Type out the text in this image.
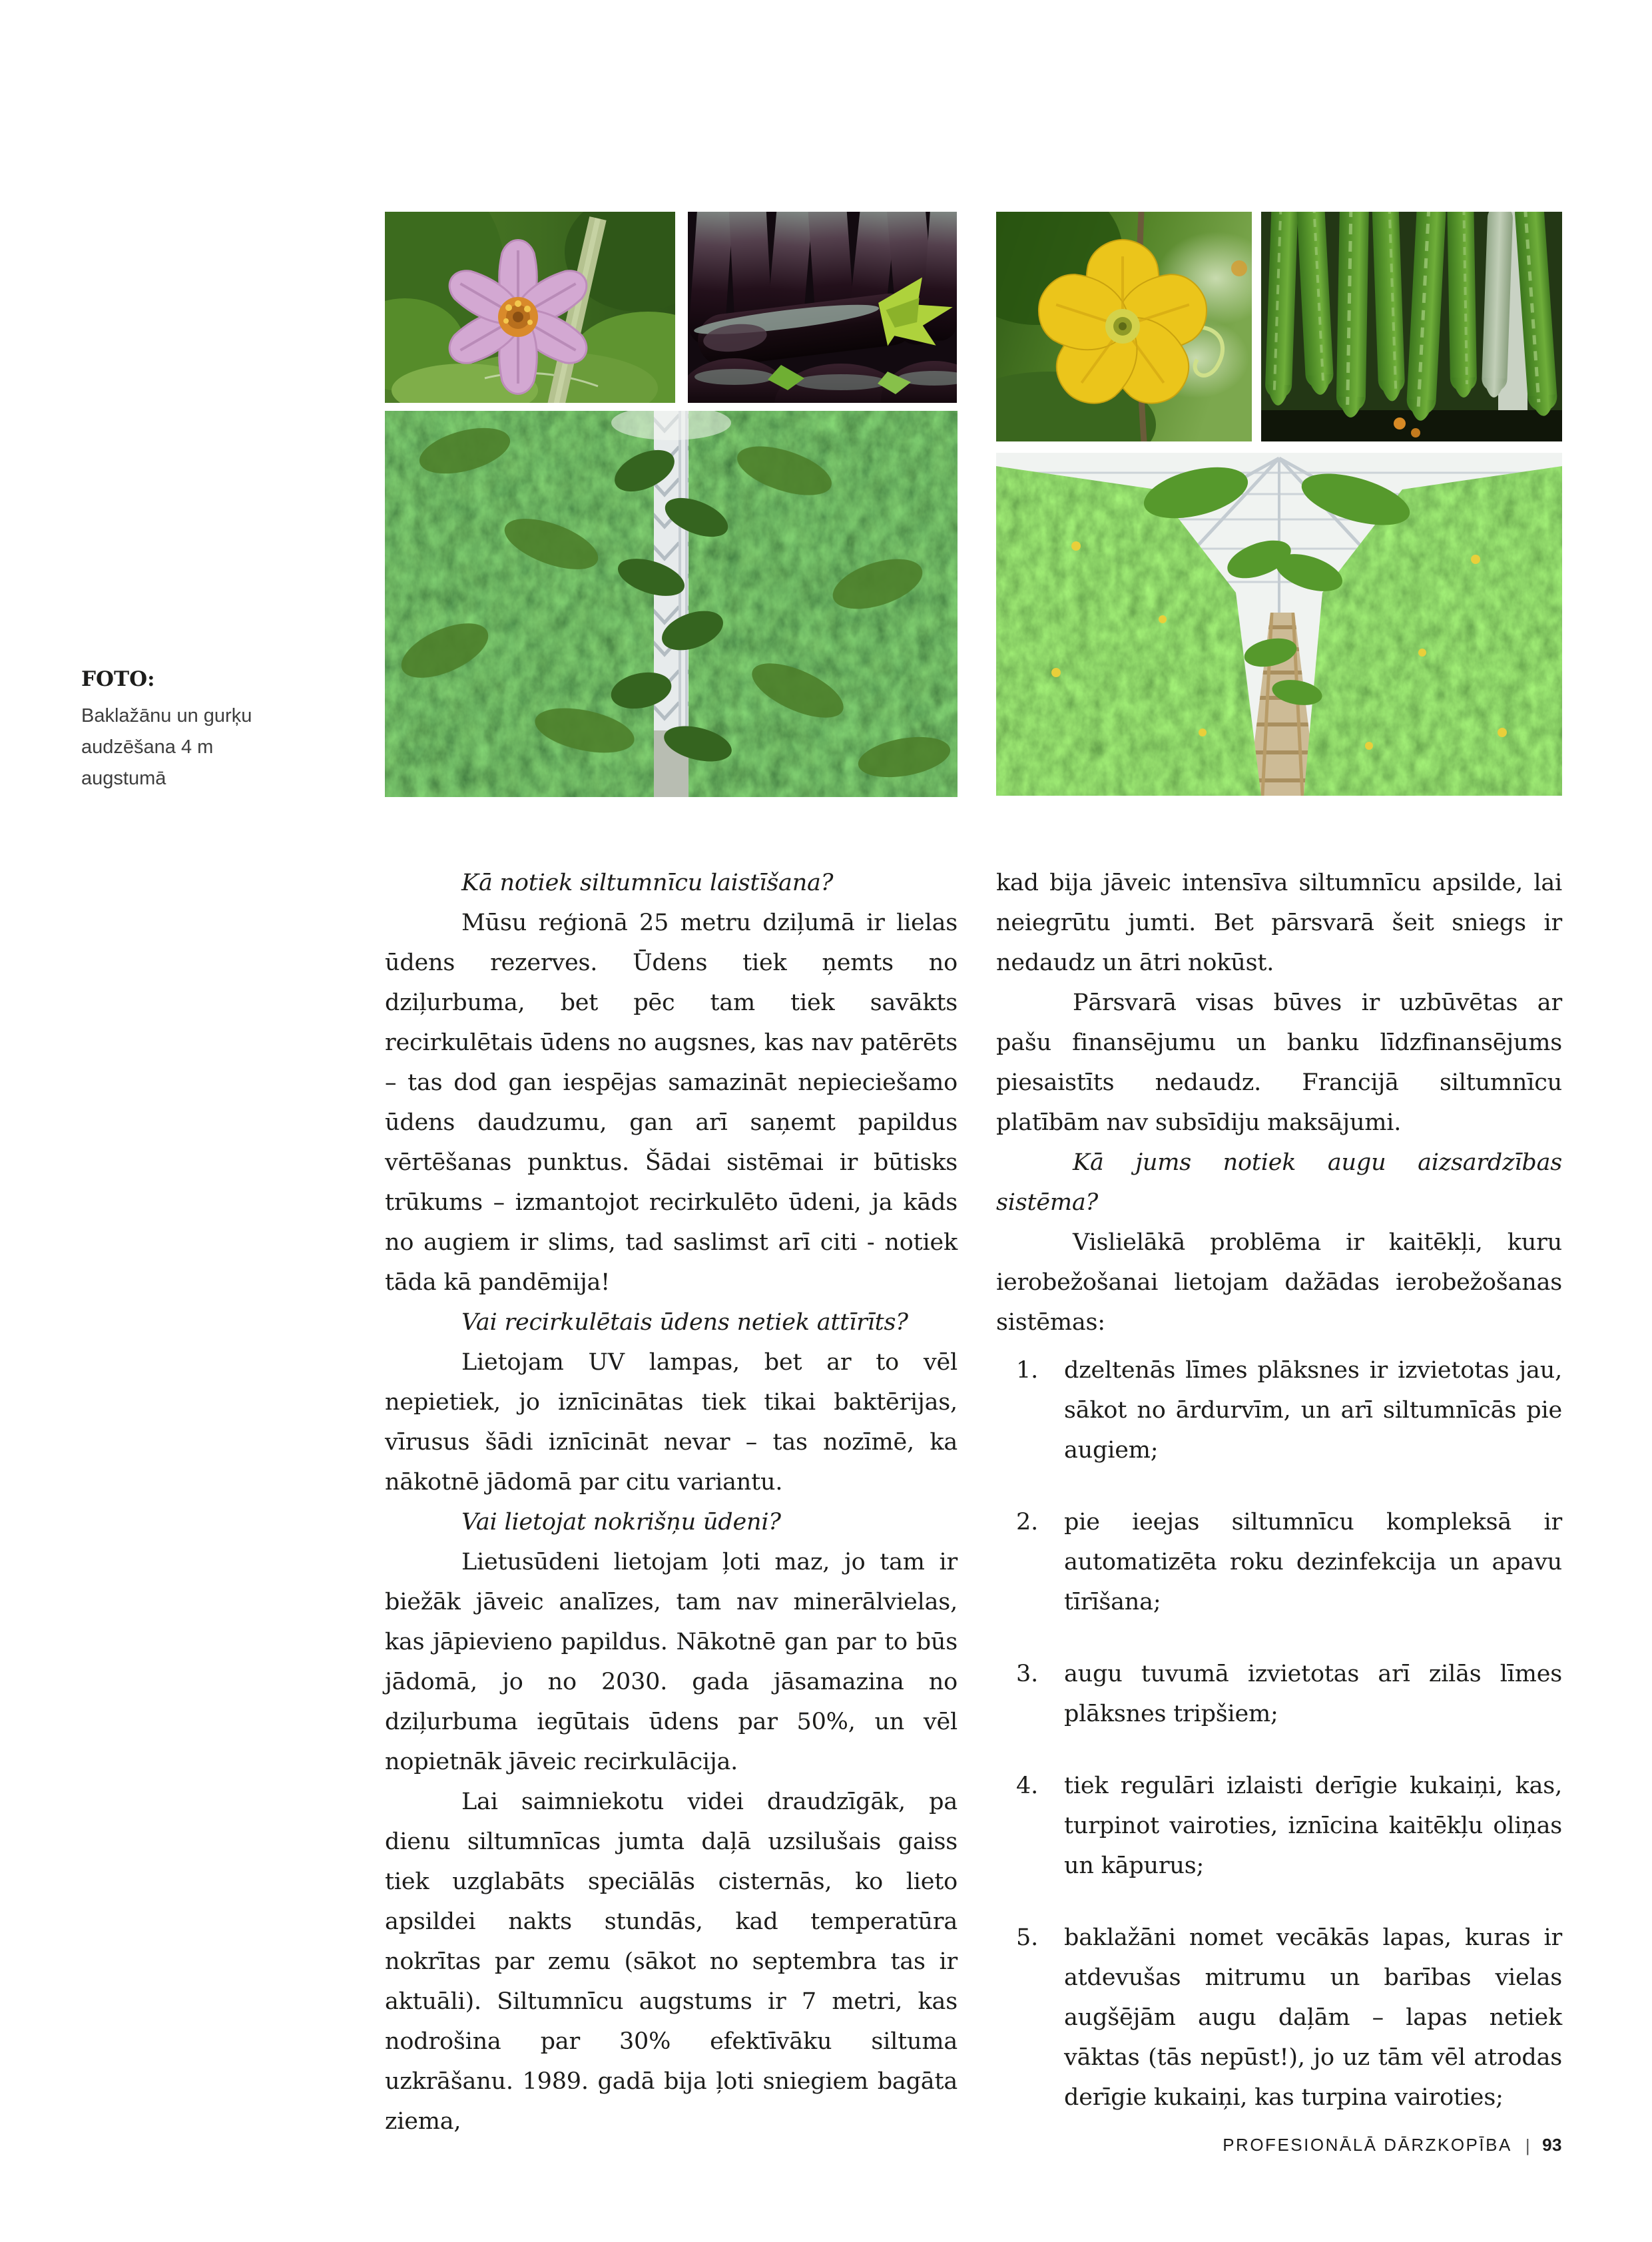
FOTO:
Baklažānu un gurķu
audzēšana 4 m
augstumā

Kā notiek siltumnīcu laistīšana?

Mūsu reģionā 25 metru dziļumā ir lielas ūdens rezerves. Ūdens tiek ņemts no dziļurbuma, bet pēc tam tiek savākts recirkulētais ūdens no augsnes, kas nav patērēts – tas dod gan iespējas samazināt nepieciešamo ūdens daudzumu, gan arī saņemt papildus vērtēšanas punktus. Šādai sistēmai ir būtisks trūkums – izmantojot recirkulēto ūdeni, ja kāds no augiem ir slims, tad saslimst arī citi - notiek tāda kā pandēmija!

Vai recirkulētais ūdens netiek attīrīts?

Lietojam UV lampas, bet ar to vēl nepietiek, jo iznīcinātas tiek tikai baktērijas, vīrusus šādi iznīcināt nevar – tas nozīmē, ka nākotnē jādomā par citu variantu.

Vai lietojat nokrišņu ūdeni?

Lietusūdeni lietojam ļoti maz, jo tam ir biežāk jāveic analīzes, tam nav minerālvielas, kas jāpievieno papildus. Nākotnē gan par to būs jādomā, jo no 2030. gada jāsamazina no dziļurbuma iegūtais ūdens par 50%, un vēl nopietnāk jāveic recirkulācija.

Lai saimniekotu videi draudzīgāk, pa dienu siltumnīcas jumta daļā uzsilušais gaiss tiek uzglabāts speciālās cisternās, ko lieto apsildei nakts stundās, kad temperatūra nokrītas par zemu (sākot no septembra tas ir aktuāli). Siltumnīcu augstums ir 7 metri, kas nodrošina par 30% efektīvāku siltuma uzkrāšanu. 1989. gadā bija ļoti sniegiem bagāta ziema,

kad bija jāveic intensīva siltumnīcu apsilde, lai neiegrūtu jumti. Bet pārsvarā šeit sniegs ir nedaudz un ātri nokūst.

Pārsvarā visas būves ir uzbūvētas ar pašu finansējumu un banku līdzfinansējums piesaistīts nedaudz. Francijā siltumnīcu platībām nav subsīdiju maksājumi.

Kā jums notiek augu aizsardzības sistēma?

Vislielākā problēma ir kaitēkļi, kuru ierobežošanai lietojam dažādas ierobežošanas sistēmas:

1.	dzeltenās līmes plāksnes ir izvietotas jau, sākot no ārdurvīm, un arī siltumnīcās pie augiem;
2.	pie ieejas siltumnīcu kompleksā ir automatizēta roku dezinfekcija un apavu tīrīšana;
3.	augu tuvumā izvietotas arī zilās līmes plāksnes tripšiem;
4.	tiek regulāri izlaisti derīgie kukaiņi, kas, turpinot vairoties, iznīcina kaitēkļu oliņas un kāpurus;
5.	baklažāni nomet vecākās lapas, kuras ir atdevušas mitrumu un barības vielas augšējām augu daļām – lapas netiek vāktas (tās nepūst!), jo uz tām vēl atrodas derīgie kukaiņi, kas turpina vairoties;
PROFESIONĀLĀ DĀRZKOPĪBA | 93
